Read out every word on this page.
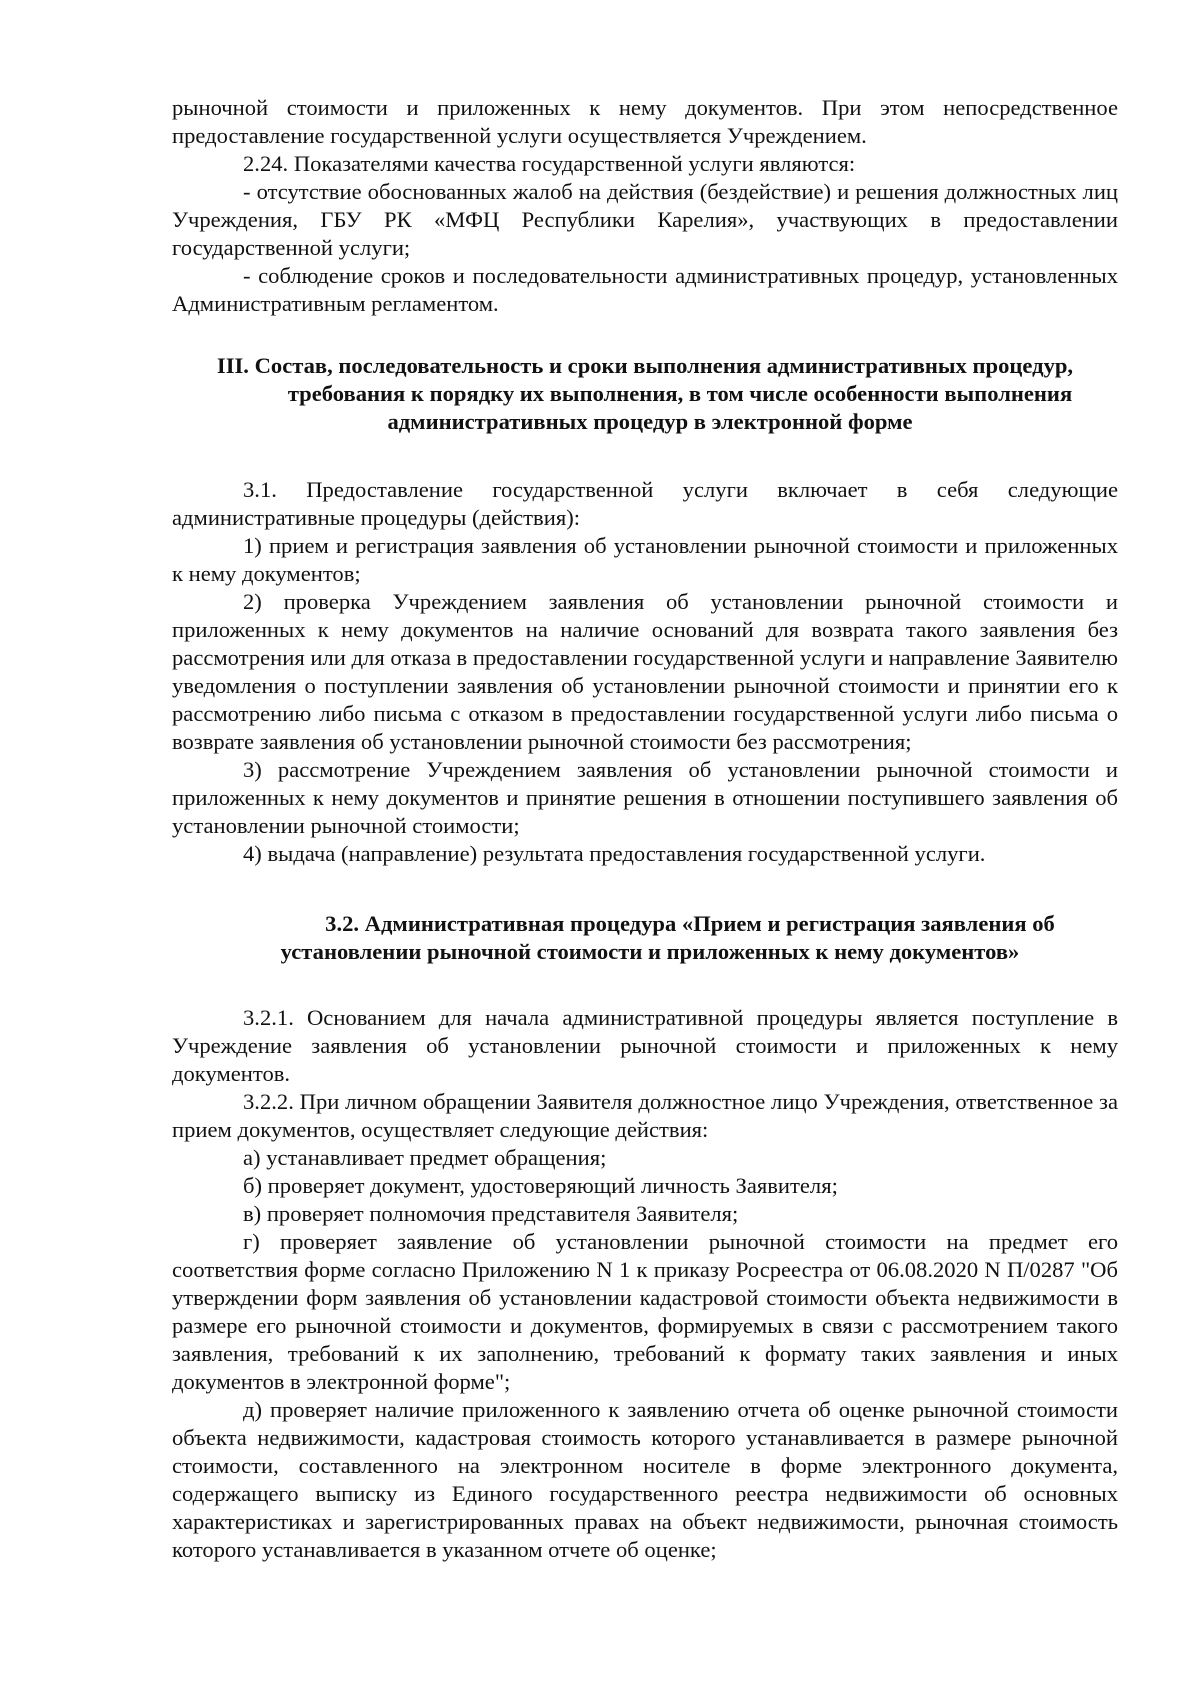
рыночной стоимости и приложенных к нему документов. При этом непосредственное предоставление государственной услуги осуществляется Учреждением.

2.24. Показателями качества государственной услуги являются:

- отсутствие обоснованных жалоб на действия (бездействие) и решения должностных лиц Учреждения, ГБУ РК «МФЦ Республики Карелия», участвующих в предоставлении государственной услуги;

- соблюдение сроков и последовательности административных процедур, установленных Административным регламентом.

III. Состав, последовательность и сроки выполнения административных процедур,
требования к порядку их выполнения, в том числе особенности выполнения
административных процедур в электронной форме

3.1. Предоставление государственной услуги включает в себя следующие административные процедуры (действия):

1) прием и регистрация заявления об установлении рыночной стоимости и приложенных к нему документов;

2) проверка Учреждением заявления об установлении рыночной стоимости и приложенных к нему документов на наличие оснований для возврата такого заявления без рассмотрения или для отказа в предоставлении государственной услуги и направление Заявителю уведомления о поступлении заявления об установлении рыночной стоимости и принятии его к рассмотрению либо письма с отказом в предоставлении государственной услуги либо письма о возврате заявления об установлении рыночной стоимости без рассмотрения;

3) рассмотрение Учреждением заявления об установлении рыночной стоимости и приложенных к нему документов и принятие решения в отношении поступившего заявления об установлении рыночной стоимости;

4) выдача (направление) результата предоставления государственной услуги.

3.2. Административная процедура «Прием и регистрация заявления об
установлении рыночной стоимости и приложенных к нему документов»

3.2.1. Основанием для начала административной процедуры является поступление в Учреждение заявления об установлении рыночной стоимости и приложенных к нему документов.

3.2.2. При личном обращении Заявителя должностное лицо Учреждения, ответственное за прием документов, осуществляет следующие действия:

а) устанавливает предмет обращения;

б) проверяет документ, удостоверяющий личность Заявителя;

в) проверяет полномочия представителя Заявителя;

г) проверяет заявление об установлении рыночной стоимости на предмет его соответствия форме согласно Приложению N 1 к приказу Росреестра от 06.08.2020 N П/0287 "Об утверждении форм заявления об установлении кадастровой стоимости объекта недвижимости в размере его рыночной стоимости и документов, формируемых в связи с рассмотрением такого заявления, требований к их заполнению, требований к формату таких заявления и иных документов в электронной форме";

д) проверяет наличие приложенного к заявлению отчета об оценке рыночной стоимости объекта недвижимости, кадастровая стоимость которого устанавливается в размере рыночной стоимости, составленного на электронном носителе в форме электронного документа, содержащего выписку из Единого государственного реестра недвижимости об основных характеристиках и зарегистрированных правах на объект недвижимости, рыночная стоимость которого устанавливается в указанном отчете об оценке;
